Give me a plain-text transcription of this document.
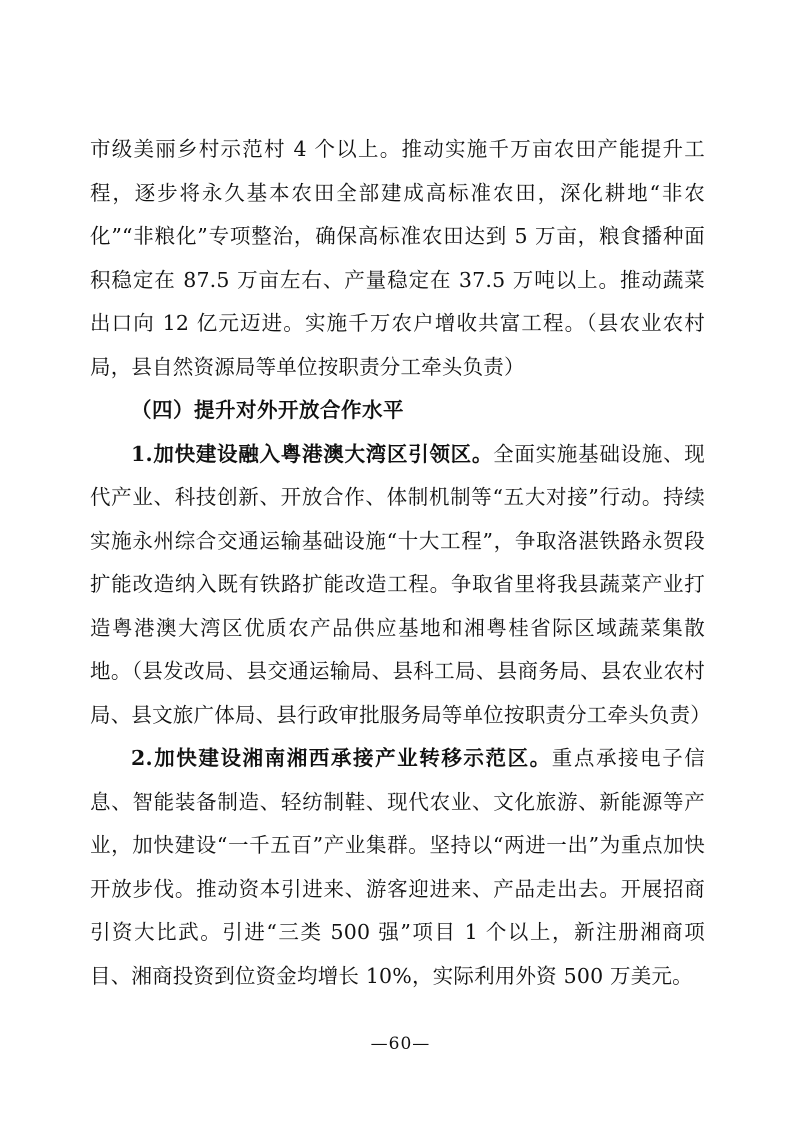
市级美丽乡村示范村 4 个以上。推动实施千万亩农田产能提升工程，逐步将永久基本农田全部建成高标准农田，深化耕地“非农化”“非粮化”专项整治，确保高标准农田达到 5 万亩，粮食播种面积稳定在 87.5 万亩左右、产量稳定在 37.5 万吨以上。推动蔬菜出口向 12 亿元迈进。实施千万农户增收共富工程。（县农业农村局，县自然资源局等单位按职责分工牵头负责）

（四）提升对外开放合作水平

1.加快建设融入粤港澳大湾区引领区。全面实施基础设施、现代产业、科技创新、开放合作、体制机制等“五大对接”行动。持续实施永州综合交通运输基础设施“十大工程”，争取洛湛铁路永贺段扩能改造纳入既有铁路扩能改造工程。争取省里将我县蔬菜产业打造粤港澳大湾区优质农产品供应基地和湘粤桂省际区域蔬菜集散地。（县发改局、县交通运输局、县科工局、县商务局、县农业农村局、县文旅广体局、县行政审批服务局等单位按职责分工牵头负责）

2.加快建设湘南湘西承接产业转移示范区。重点承接电子信息、智能装备制造、轻纺制鞋、现代农业、文化旅游、新能源等产业，加快建设“一千五百”产业集群。坚持以“两进一出”为重点加快开放步伐。推动资本引进来、游客迎进来、产品走出去。开展招商引资大比武。引进“三类 500 强”项目 1 个以上，新注册湘商项目、湘商投资到位资金均增长 10%，实际利用外资 500 万美元。

—60—
